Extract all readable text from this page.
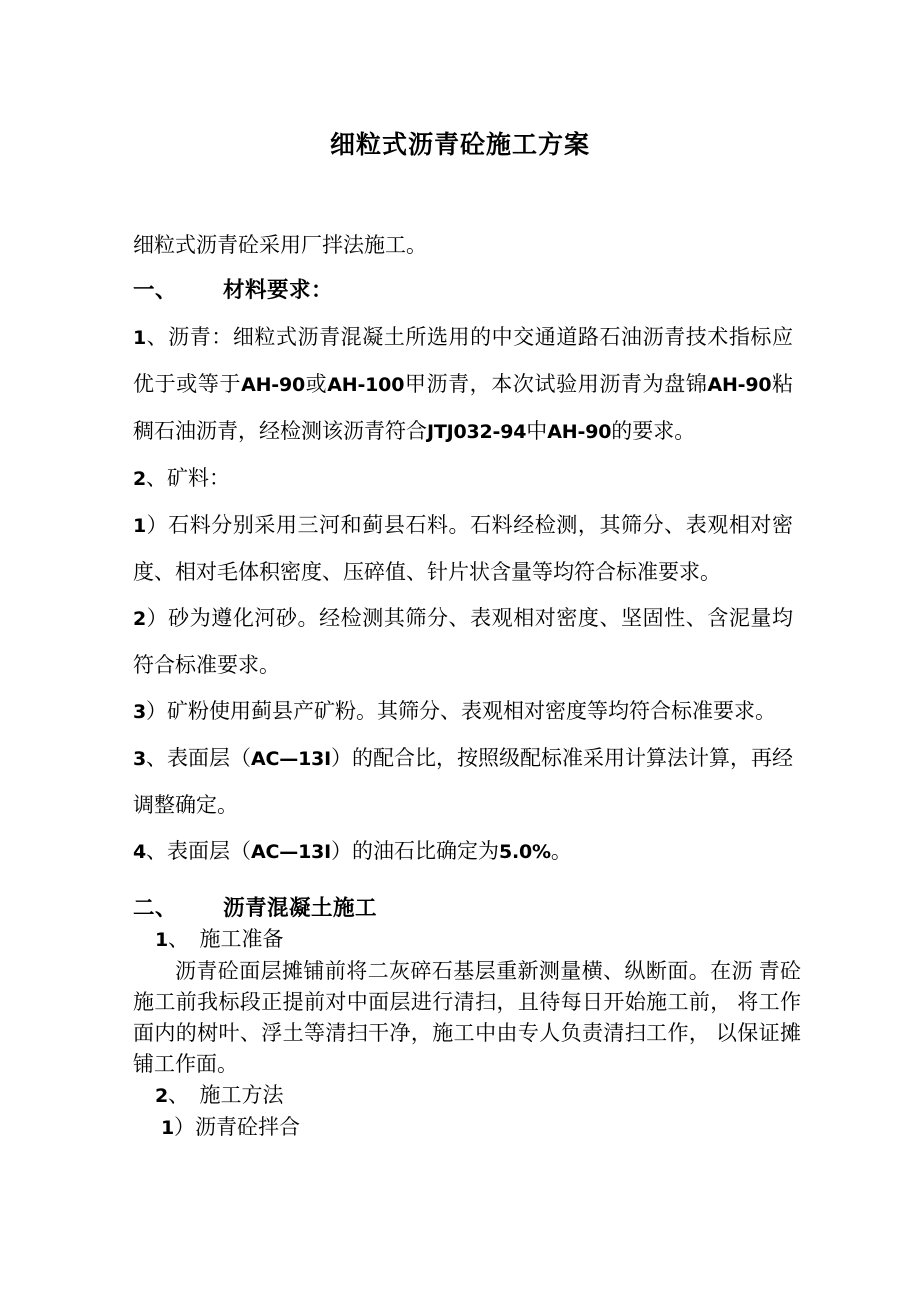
细粒式沥青砼施工方案

细粒式沥青砼采用厂拌法施工。

一、 材料要求：

1、沥青：细粒式沥青混凝土所选用的中交通道路石油沥青技术指标应优于或等于AH-90或AH-100甲沥青，本次试验用沥青为盘锦AH-90粘稠石油沥青，经检测该沥青符合JTJ032-94中AH-90的要求。

2、矿料：

1）石料分别采用三河和蓟县石料。石料经检测，其筛分、表观相对密度、相对毛体积密度、压碎值、针片状含量等均符合标准要求。

2）砂为遵化河砂。经检测其筛分、表观相对密度、坚固性、含泥量均符合标准要求。

3）矿粉使用蓟县产矿粉。其筛分、表观相对密度等均符合标准要求。

3、表面层（AC—13I）的配合比，按照级配标准采用计算法计算，再经调整确定。

4、表面层（AC—13I）的油石比确定为5.0%。

二、 沥青混凝土施工

1、  施工准备

沥青砼面层摊铺前将二灰碎石基层重新测量横、纵断面。在沥 青砼施工前我标段正提前对中面层进行清扫，且待每日开始施工前， 将工作面内的树叶、浮土等清扫干净，施工中由专人负责清扫工作， 以保证摊铺工作面。

2、  施工方法

1）沥青砼拌合
